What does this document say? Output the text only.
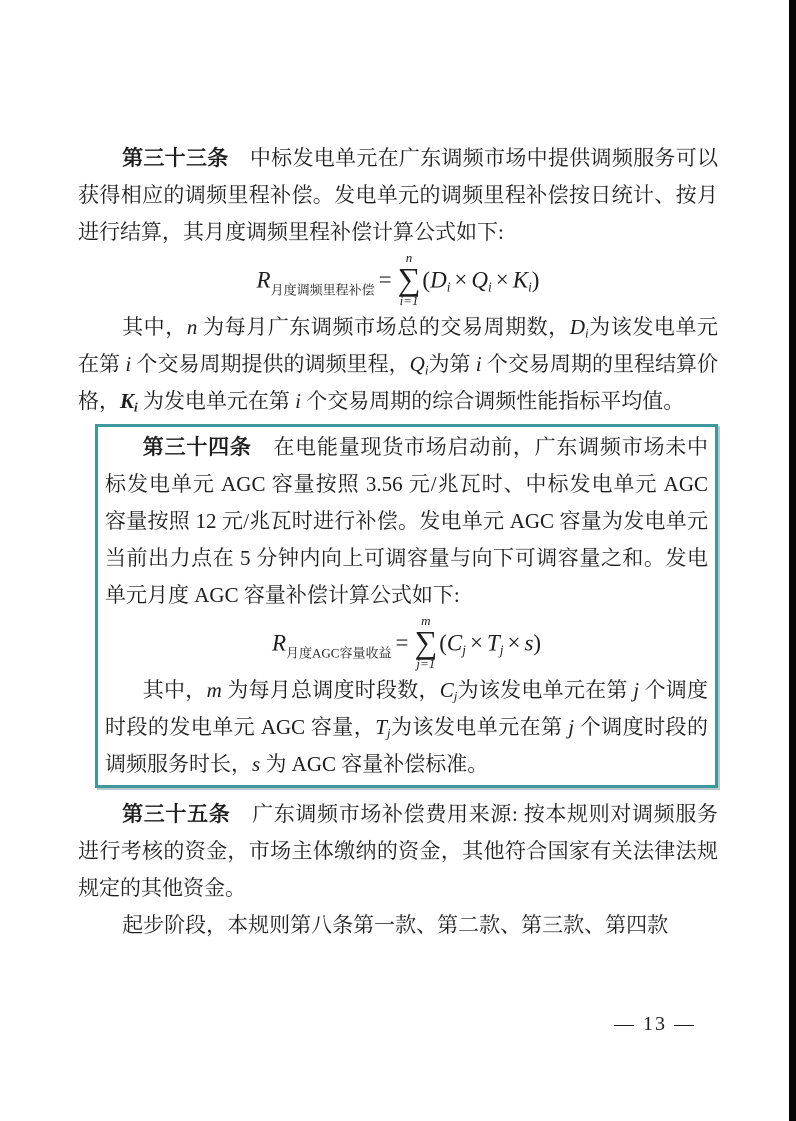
第三十三条　中标发电单元在广东调频市场中提供调频服务可以获得相应的调频里程补偿。发电单元的调频里程补偿按日统计、按月进行结算，其月度调频里程补偿计算公式如下:

$R_{月度调频里程补偿}$ =
n
∑
i=1
$(D_i \times Q_i \times K_i)$

其中，n 为每月广东调频市场总的交易周期数，$D_i$为该发电单元在第 i 个交易周期提供的调频里程，$Q_i$为第 i 个交易周期的里程结算价格，$K_i$ 为发电单元在第 i 个交易周期的综合调频性能指标平均值。

第三十四条　在电能量现货市场启动前，广东调频市场未中标发电单元 AGC 容量按照 3.56 元/兆瓦时、中标发电单元 AGC 容量按照 12 元/兆瓦时进行补偿。发电单元 AGC 容量为发电单元当前出力点在 5 分钟内向上可调容量与向下可调容量之和。发电单元月度 AGC 容量补偿计算公式如下:

$R_{月度AGC容量收益}$ =
m
∑
j=1
$(C_j \times T_j \times s)$

其中，m 为每月总调度时段数，$C_j$为该发电单元在第 j 个调度时段的发电单元 AGC 容量，$T_j$为该发电单元在第 j 个调度时段的调频服务时长，s 为 AGC 容量补偿标准。

第三十五条　广东调频市场补偿费用来源: 按本规则对调频服务进行考核的资金，市场主体缴纳的资金，其他符合国家有关法律法规规定的其他资金。

起步阶段，本规则第八条第一款、第二款、第三款、第四款

— 13 —
